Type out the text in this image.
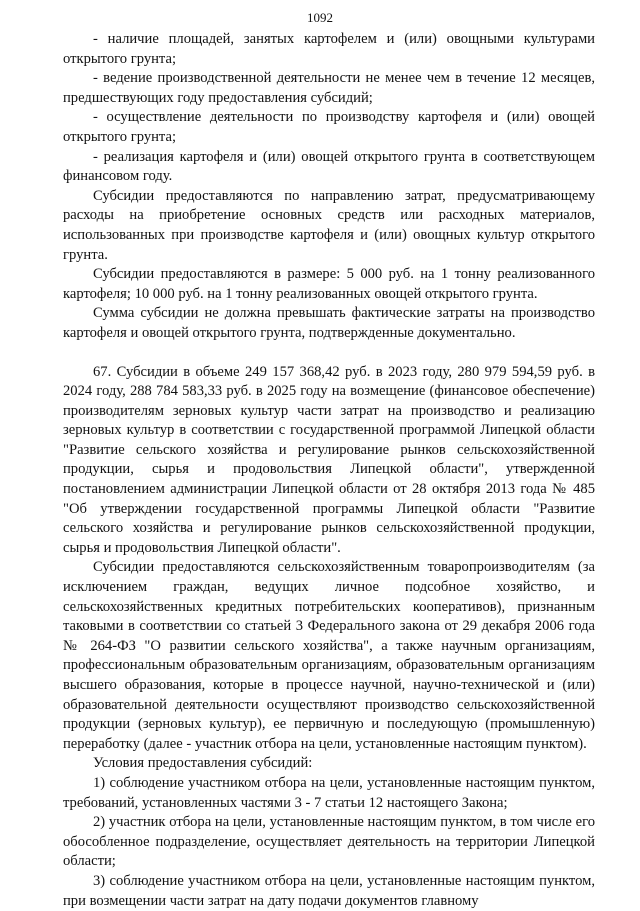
1092

- наличие площадей, занятых картофелем и (или) овощными культурами открытого грунта;

- ведение производственной деятельности не менее чем в течение 12 месяцев, предшествующих году предоставления субсидий;

- осуществление деятельности по производству картофеля и (или) овощей открытого грунта;

- реализация картофеля и (или) овощей открытого грунта в соответствующем финансовом году.

Субсидии предоставляются по направлению затрат, предусматривающему расходы на приобретение основных средств или расходных материалов, использованных при производстве картофеля и (или) овощных культур открытого грунта.

Субсидии предоставляются в размере: 5 000 руб. на 1 тонну реализованного картофеля; 10 000 руб. на 1 тонну реализованных овощей открытого грунта.

Сумма субсидии не должна превышать фактические затраты на производство картофеля и овощей открытого грунта, подтвержденные документально.

67. Субсидии в объеме 249 157 368,42 руб. в 2023 году, 280 979 594,59 руб. в 2024 году, 288 784 583,33 руб. в 2025 году на возмещение (финансовое обеспечение) производителям зерновых культур части затрат на производство и реализацию зерновых культур в соответствии с государственной программой Липецкой области "Развитие сельского хозяйства и регулирование рынков сельскохозяйственной продукции, сырья и продовольствия Липецкой области", утвержденной постановлением администрации Липецкой области от 28 октября 2013 года № 485 "Об утверждении государственной программы Липецкой области "Развитие сельского хозяйства и регулирование рынков сельскохозяйственной продукции, сырья и продовольствия Липецкой области".

Субсидии предоставляются сельскохозяйственным товаропроизводителям (за исключением граждан, ведущих личное подсобное хозяйство, и сельскохозяйственных кредитных потребительских кооперативов), признанным таковыми в соответствии со статьей 3 Федерального закона от 29 декабря 2006 года № 264-ФЗ "О развитии сельского хозяйства", а также научным организациям, профессиональным образовательным организациям, образовательным организациям высшего образования, которые в процессе научной, научно-технической и (или) образовательной деятельности осуществляют производство сельскохозяйственной продукции (зерновых культур), ее первичную и последующую (промышленную) переработку (далее - участник отбора на цели, установленные настоящим пунктом).

Условия предоставления субсидий:

1) соблюдение участником отбора на цели, установленные настоящим пунктом, требований, установленных частями 3 - 7 статьи 12 настоящего Закона;

2) участник отбора на цели, установленные настоящим пунктом, в том числе его обособленное подразделение, осуществляет деятельность на территории Липецкой области;

3) соблюдение участником отбора на цели, установленные настоящим пунктом, при возмещении части затрат на дату подачи документов главному
